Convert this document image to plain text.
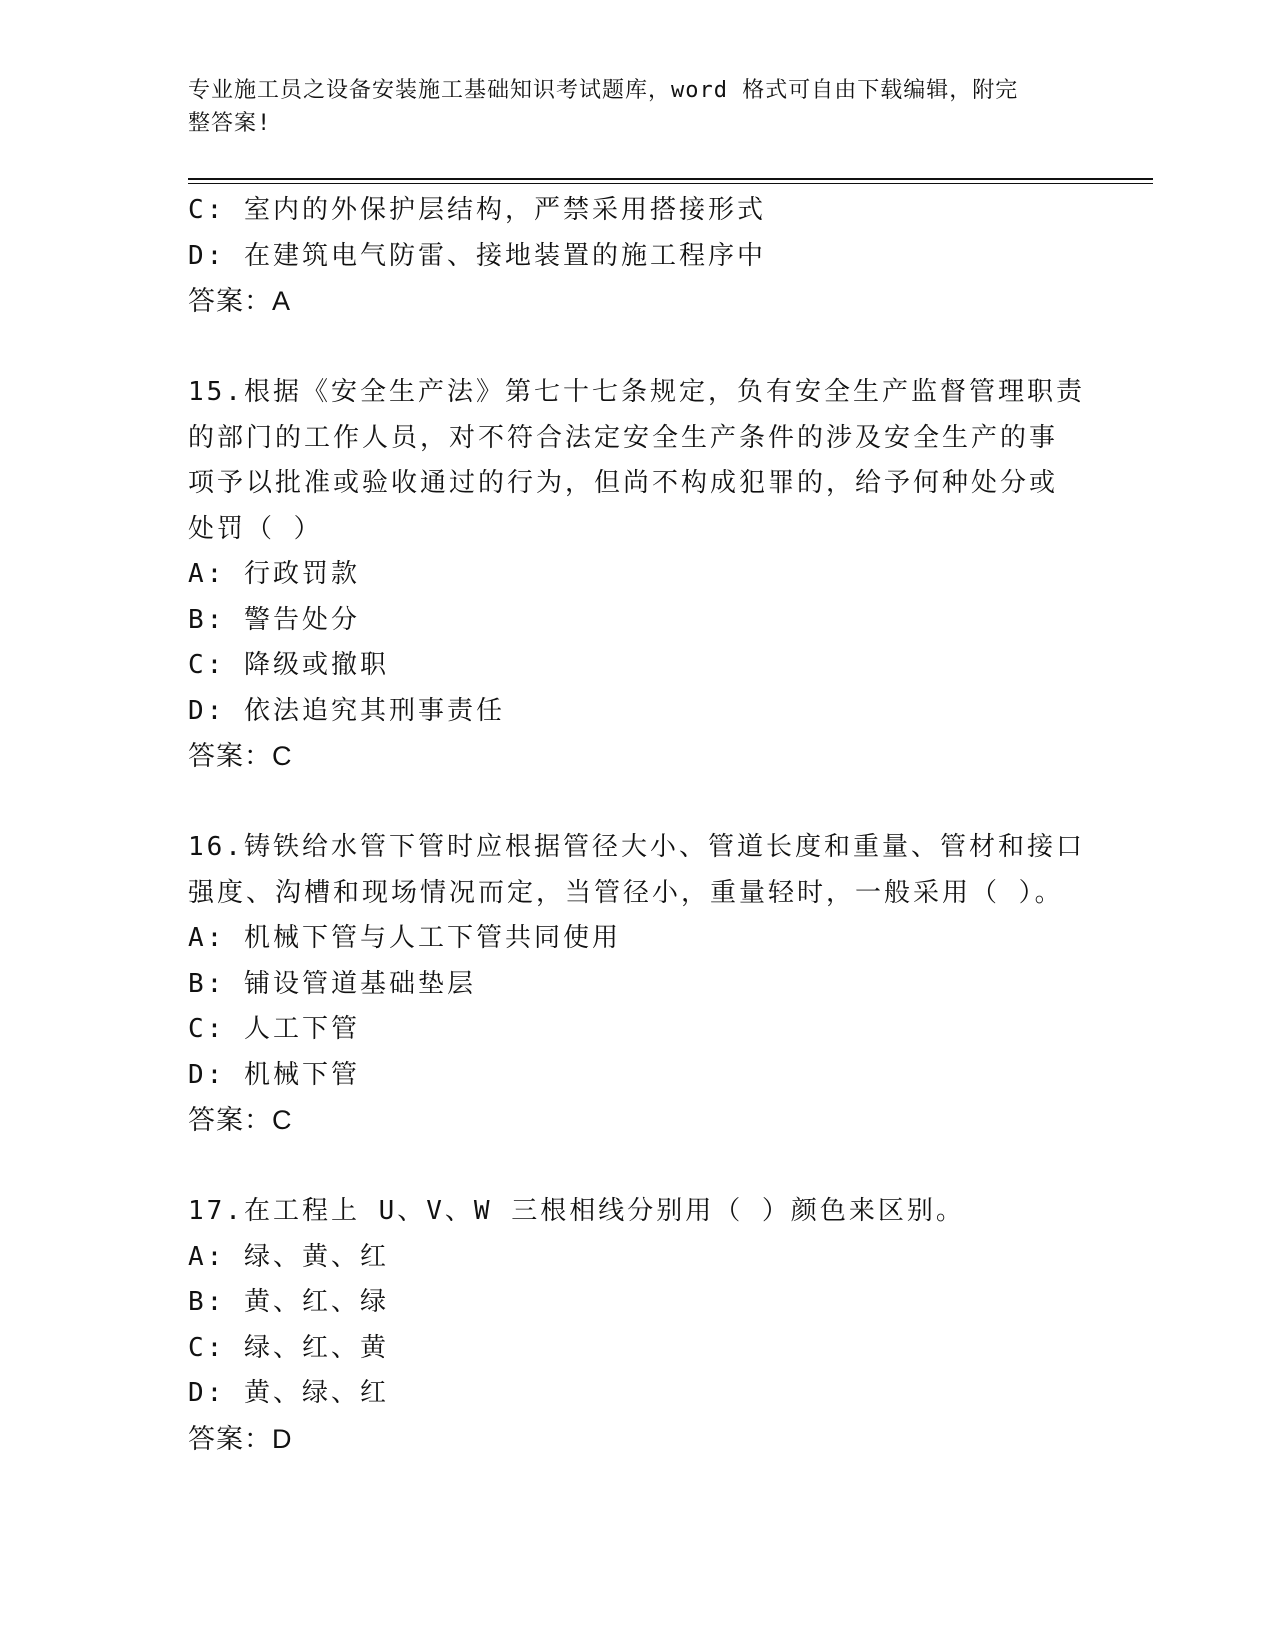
专业施工员之设备安装施工基础知识考试题库，word 格式可自由下载编辑，附完
整答案!
C: 室内的外保护层结构，严禁采用搭接形式
D: 在建筑电气防雷、接地装置的施工程序中
答案：A
15.根据《安全生产法》第七十七条规定，负有安全生产监督管理职责
的部门的工作人员，对不符合法定安全生产条件的涉及安全生产的事
项予以批准或验收通过的行为，但尚不构成犯罪的，给予何种处分或
处罚（ ）
A: 行政罚款
B: 警告处分
C: 降级或撤职
D: 依法追究其刑事责任
答案：C
16.铸铁给水管下管时应根据管径大小、管道长度和重量、管材和接口
强度、沟槽和现场情况而定，当管径小，重量轻时，一般采用（ ）。
A: 机械下管与人工下管共同使用
B: 铺设管道基础垫层
C: 人工下管
D: 机械下管
答案：C
17.在工程上 U、V、W 三根相线分别用（ ）颜色来区别。
A: 绿、黄、红
B: 黄、红、绿
C: 绿、红、黄
D: 黄、绿、红
答案：D
